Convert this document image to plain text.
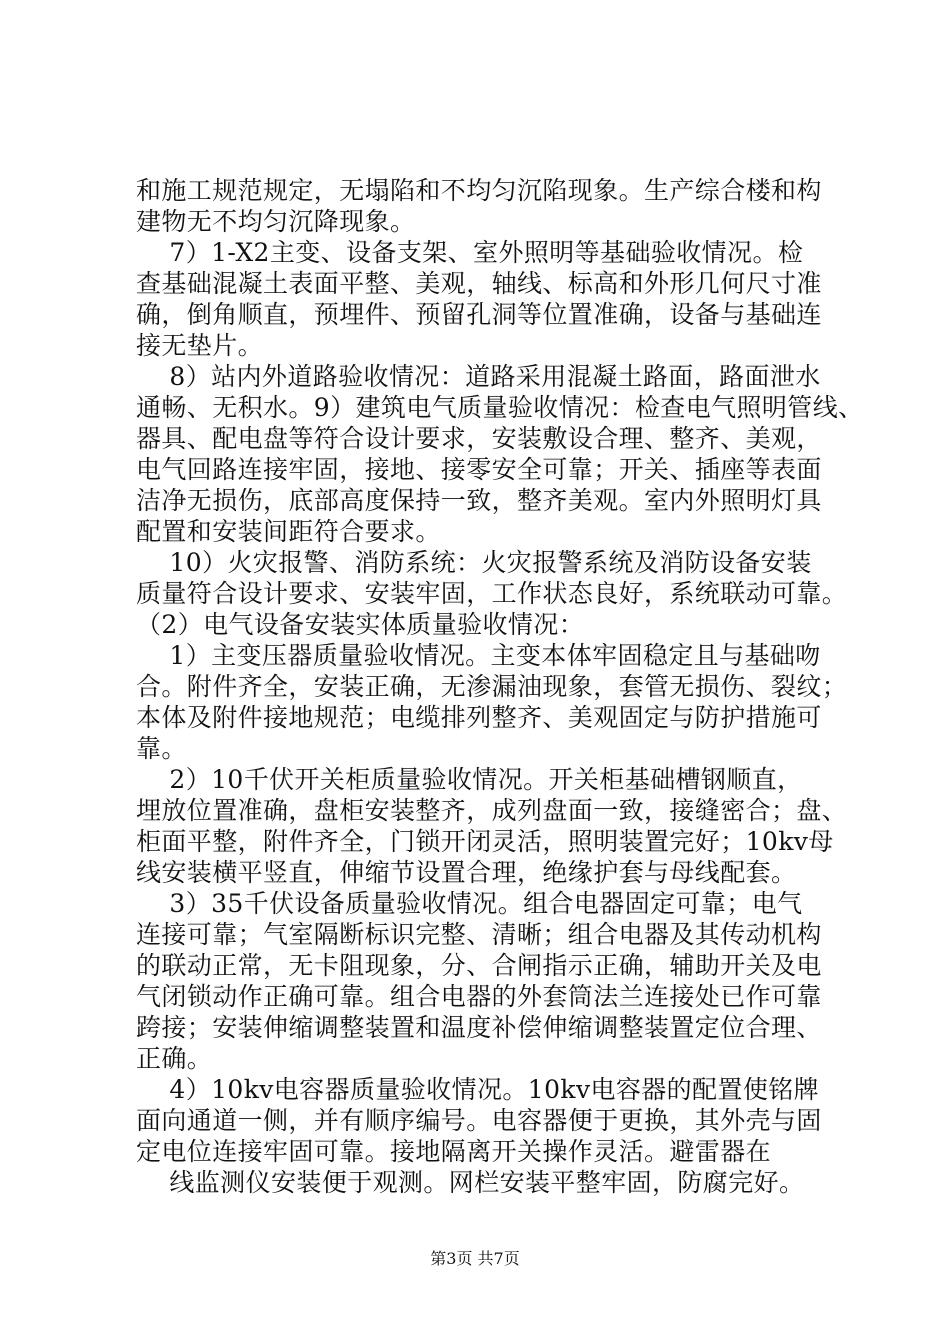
和施工规范规定，无塌陷和不均匀沉陷现象。生产综合楼和构
建物无不均匀沉降现象。
7）1-X2主变、设备支架、室外照明等基础验收情况。检
查基础混凝土表面平整、美观，轴线、标高和外形几何尺寸准
确，倒角顺直，预埋件、预留孔洞等位置准确，设备与基础连
接无垫片。
8）站内外道路验收情况：道路采用混凝土路面，路面泄水
通畅、无积水。9）建筑电气质量验收情况：检查电气照明管线、
器具、配电盘等符合设计要求，安装敷设合理、整齐、美观，
电气回路连接牢固，接地、接零安全可靠；开关、插座等表面
洁净无损伤，底部高度保持一致，整齐美观。室内外照明灯具
配置和安装间距符合要求。
10）火灾报警、消防系统：火灾报警系统及消防设备安装
质量符合设计要求、安装牢固，工作状态良好，系统联动可靠。
（2）电气设备安装实体质量验收情况：
1）主变压器质量验收情况。主变本体牢固稳定且与基础吻
合。附件齐全，安装正确，无渗漏油现象，套管无损伤、裂纹；
本体及附件接地规范；电缆排列整齐、美观固定与防护措施可
靠。
2）10千伏开关柜质量验收情况。开关柜基础槽钢顺直，
埋放位置准确，盘柜安装整齐，成列盘面一致，接缝密合；盘、
柜面平整，附件齐全，门锁开闭灵活，照明装置完好；10kv母
线安装横平竖直，伸缩节设置合理，绝缘护套与母线配套。
3）35千伏设备质量验收情况。组合电器固定可靠；电气
连接可靠；气室隔断标识完整、清晰；组合电器及其传动机构
的联动正常，无卡阻现象，分、合闸指示正确，辅助开关及电
气闭锁动作正确可靠。组合电器的外套筒法兰连接处已作可靠
跨接；安装伸缩调整装置和温度补偿伸缩调整装置定位合理、
正确。
4）10kv电容器质量验收情况。10kv电容器的配置使铭牌
面向通道一侧，并有顺序编号。电容器便于更换，其外壳与固
定电位连接牢固可靠。接地隔离开关操作灵活。避雷器在
线监测仪安装便于观测。网栏安装平整牢固，防腐完好。
第3页 共7页
